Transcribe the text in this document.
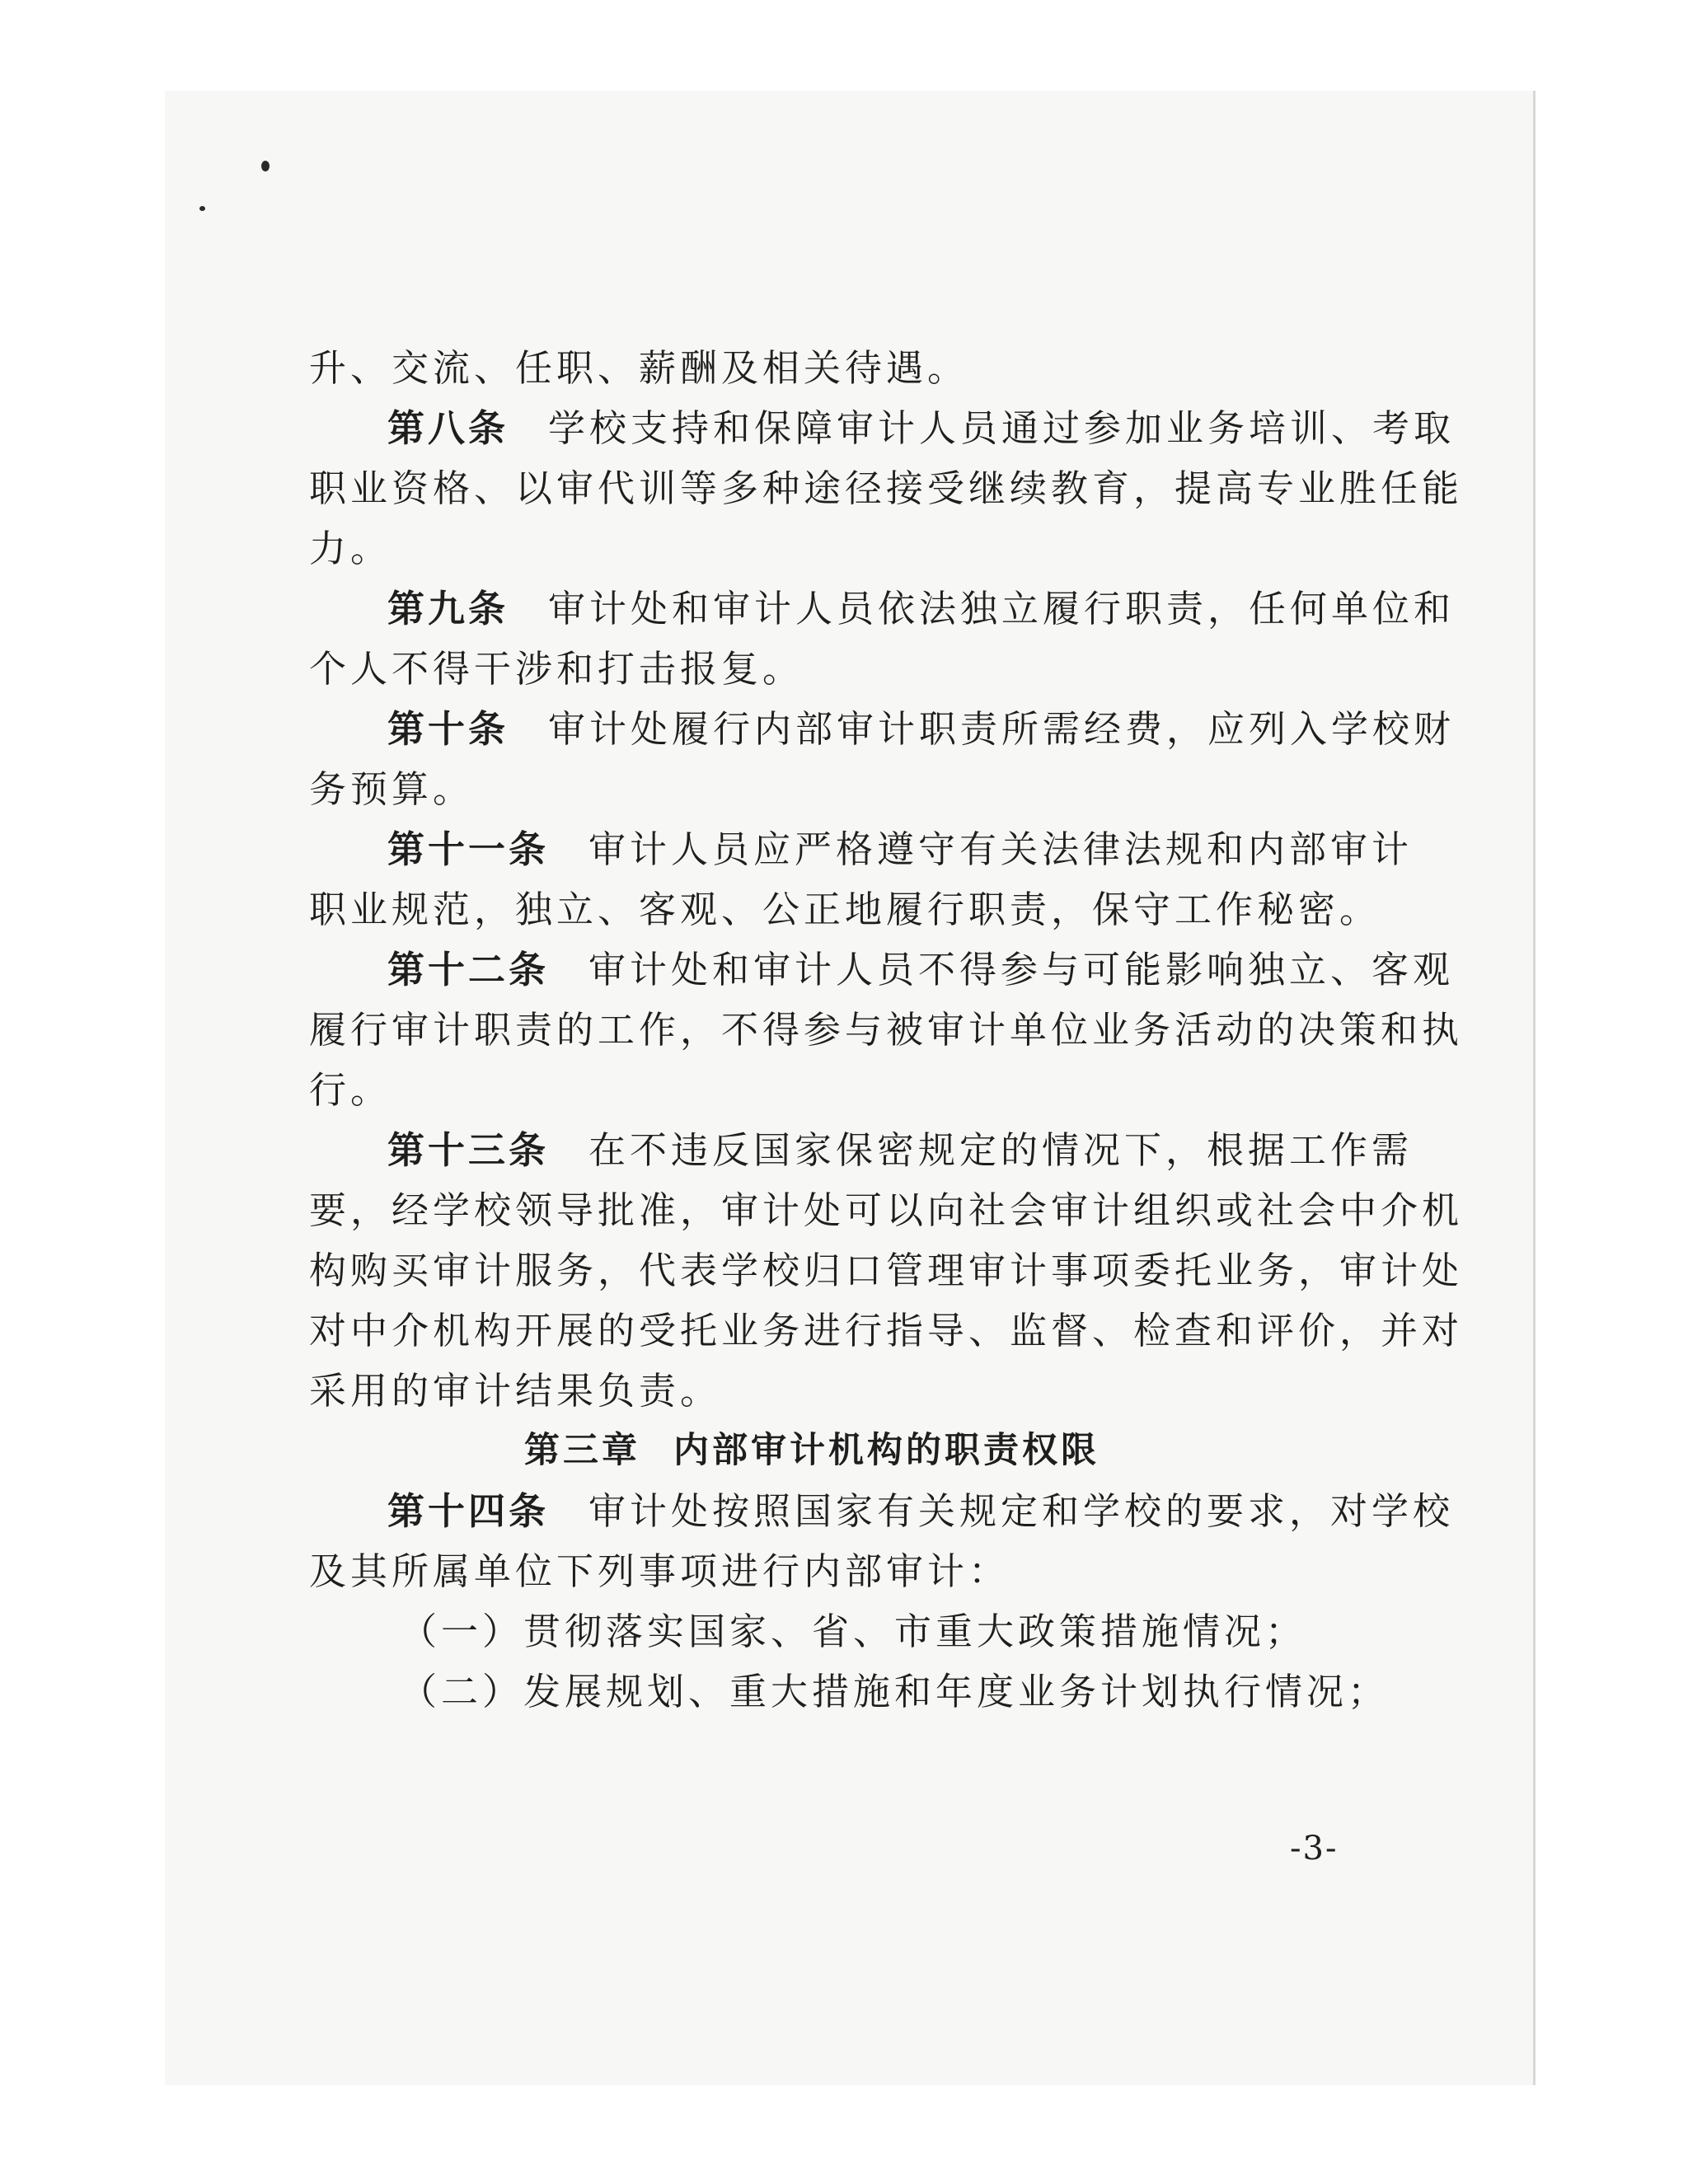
升、交流、任职、薪酬及相关待遇。
第八条 学校支持和保障审计人员通过参加业务培训、考取
职业资格、以审代训等多种途径接受继续教育，提高专业胜任能
力。
第九条 审计处和审计人员依法独立履行职责，任何单位和
个人不得干涉和打击报复。
第十条 审计处履行内部审计职责所需经费，应列入学校财
务预算。
第十一条 审计人员应严格遵守有关法律法规和内部审计
职业规范，独立、客观、公正地履行职责，保守工作秘密。
第十二条 审计处和审计人员不得参与可能影响独立、客观
履行审计职责的工作，不得参与被审计单位业务活动的决策和执
行。
第十三条 在不违反国家保密规定的情况下，根据工作需
要，经学校领导批准，审计处可以向社会审计组织或社会中介机
构购买审计服务，代表学校归口管理审计事项委托业务，审计处
对中介机构开展的受托业务进行指导、监督、检查和评价，并对
采用的审计结果负责。
第三章 内部审计机构的职责权限
第十四条 审计处按照国家有关规定和学校的要求，对学校
及其所属单位下列事项进行内部审计：
（一）贯彻落实国家、省、市重大政策措施情况；
（二）发展规划、重大措施和年度业务计划执行情况；
-3-
